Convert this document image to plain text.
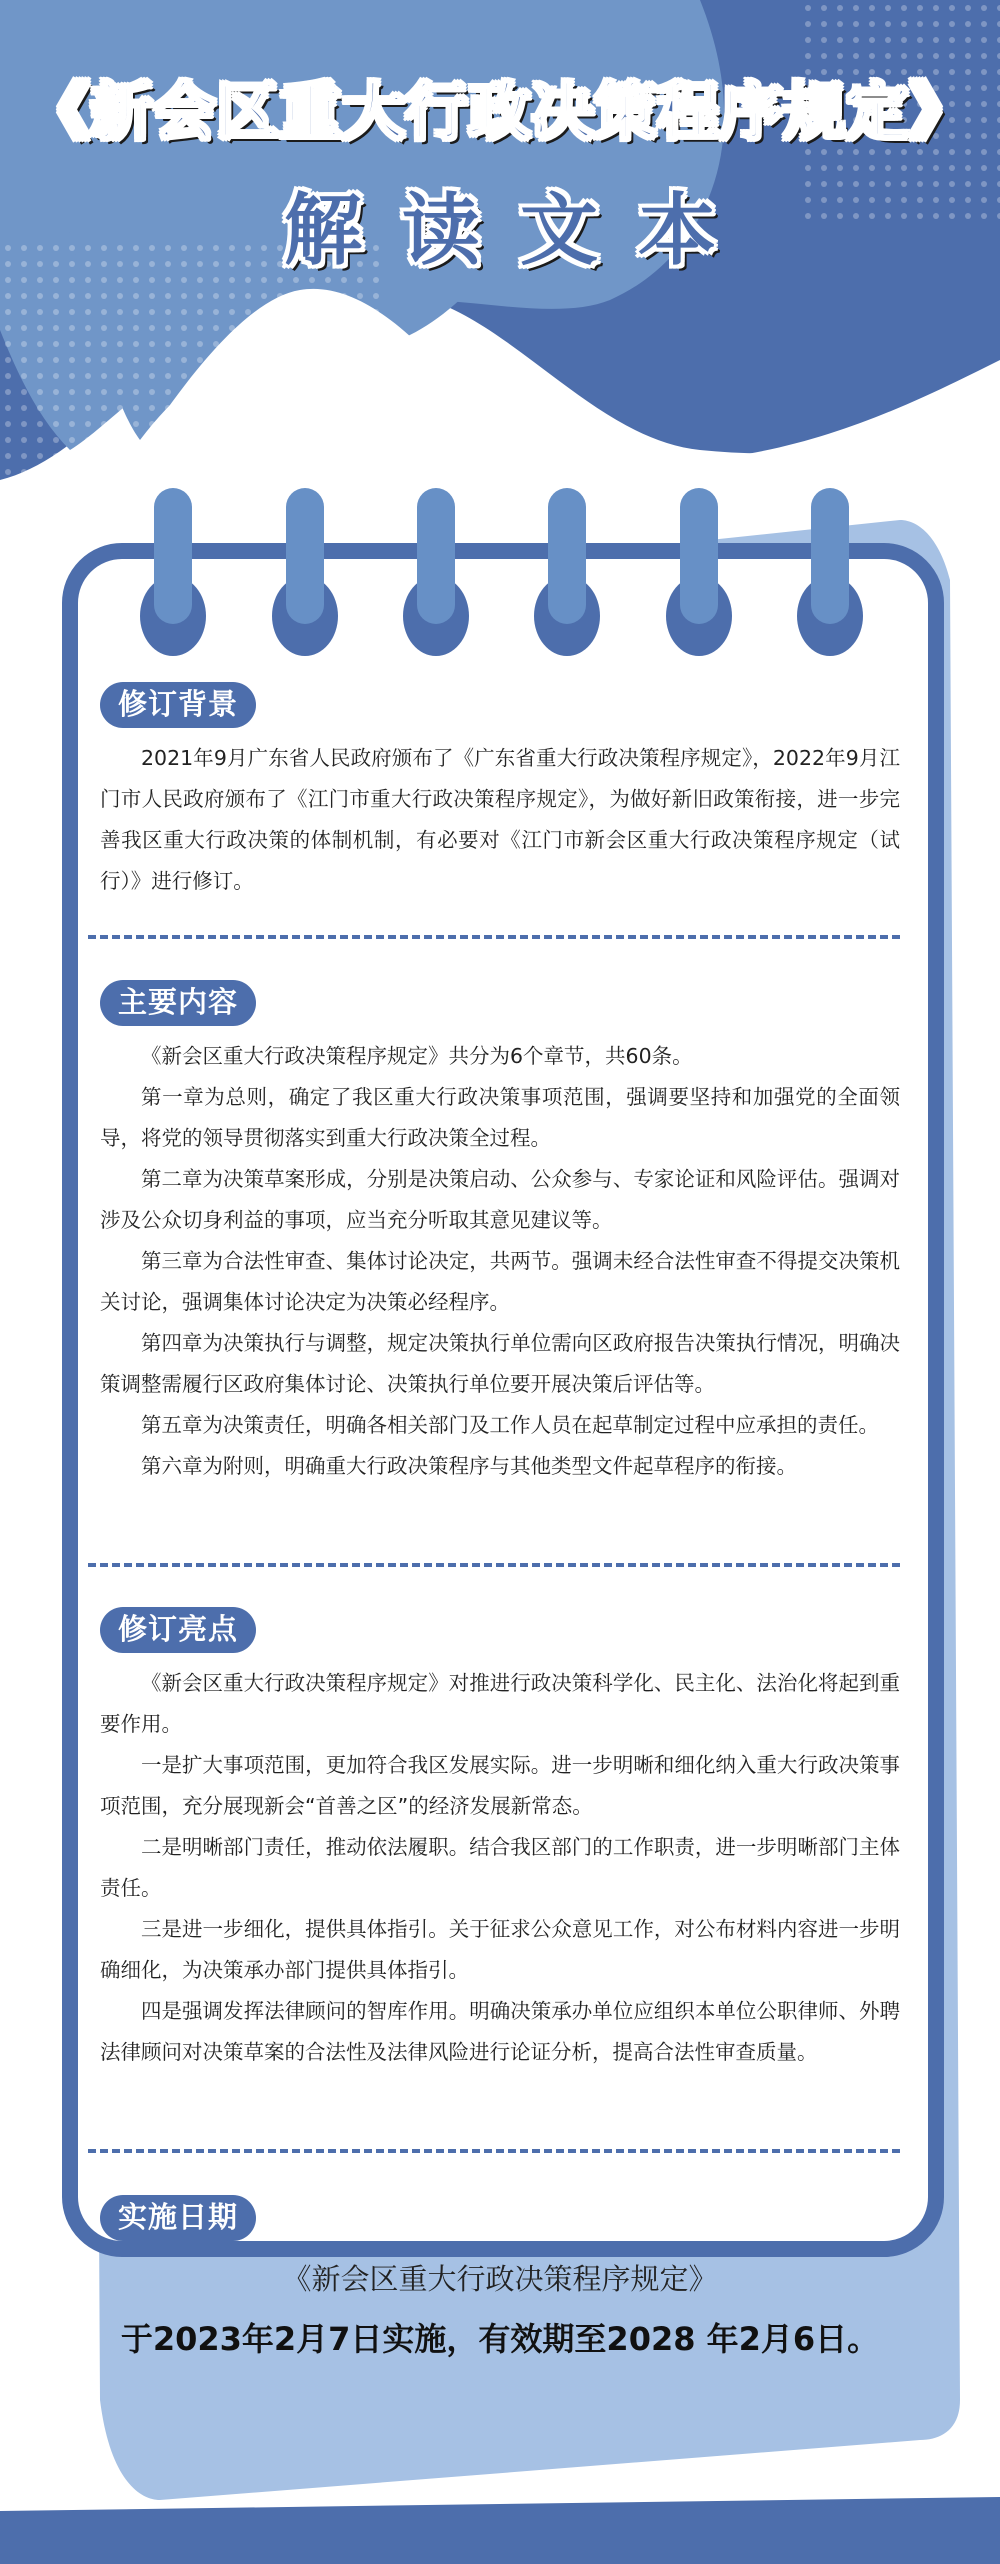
《新会区重大行政决策程序规定》
解读文本
修订背景

2021年9月广东省人民政府颁布了《广东省重大行政决策程序规定》，2022年9月江门市人民政府颁布了《江门市重大行政决策程序规定》，为做好新旧政策衔接，进一步完善我区重大行政决策的体制机制，有必要对《江门市新会区重大行政决策程序规定（试行）》进行修订。

主要内容

《新会区重大行政决策程序规定》共分为6个章节，共60条。

第一章为总则，确定了我区重大行政决策事项范围，强调要坚持和加强党的全面领导，将党的领导贯彻落实到重大行政决策全过程。

第二章为决策草案形成，分别是决策启动、公众参与、专家论证和风险评估。强调对涉及公众切身利益的事项，应当充分听取其意见建议等。

第三章为合法性审查、集体讨论决定，共两节。强调未经合法性审查不得提交决策机关讨论，强调集体讨论决定为决策必经程序。

第四章为决策执行与调整，规定决策执行单位需向区政府报告决策执行情况，明确决策调整需履行区政府集体讨论、决策执行单位要开展决策后评估等。

第五章为决策责任，明确各相关部门及工作人员在起草制定过程中应承担的责任。

第六章为附则，明确重大行政决策程序与其他类型文件起草程序的衔接。

修订亮点

《新会区重大行政决策程序规定》对推进行政决策科学化、民主化、法治化将起到重要作用。

一是扩大事项范围，更加符合我区发展实际。进一步明晰和细化纳入重大行政决策事项范围，充分展现新会“首善之区”的经济发展新常态。

二是明晰部门责任，推动依法履职。结合我区部门的工作职责，进一步明晰部门主体责任。

三是进一步细化，提供具体指引。关于征求公众意见工作，对公布材料内容进一步明确细化，为决策承办部门提供具体指引。

四是强调发挥法律顾问的智库作用。明确决策承办单位应组织本单位公职律师、外聘法律顾问对决策草案的合法性及法律风险进行论证分析，提高合法性审查质量。

实施日期
《新会区重大行政决策程序规定》
于2023年2月7日实施，有效期至2028 年2月6日。
